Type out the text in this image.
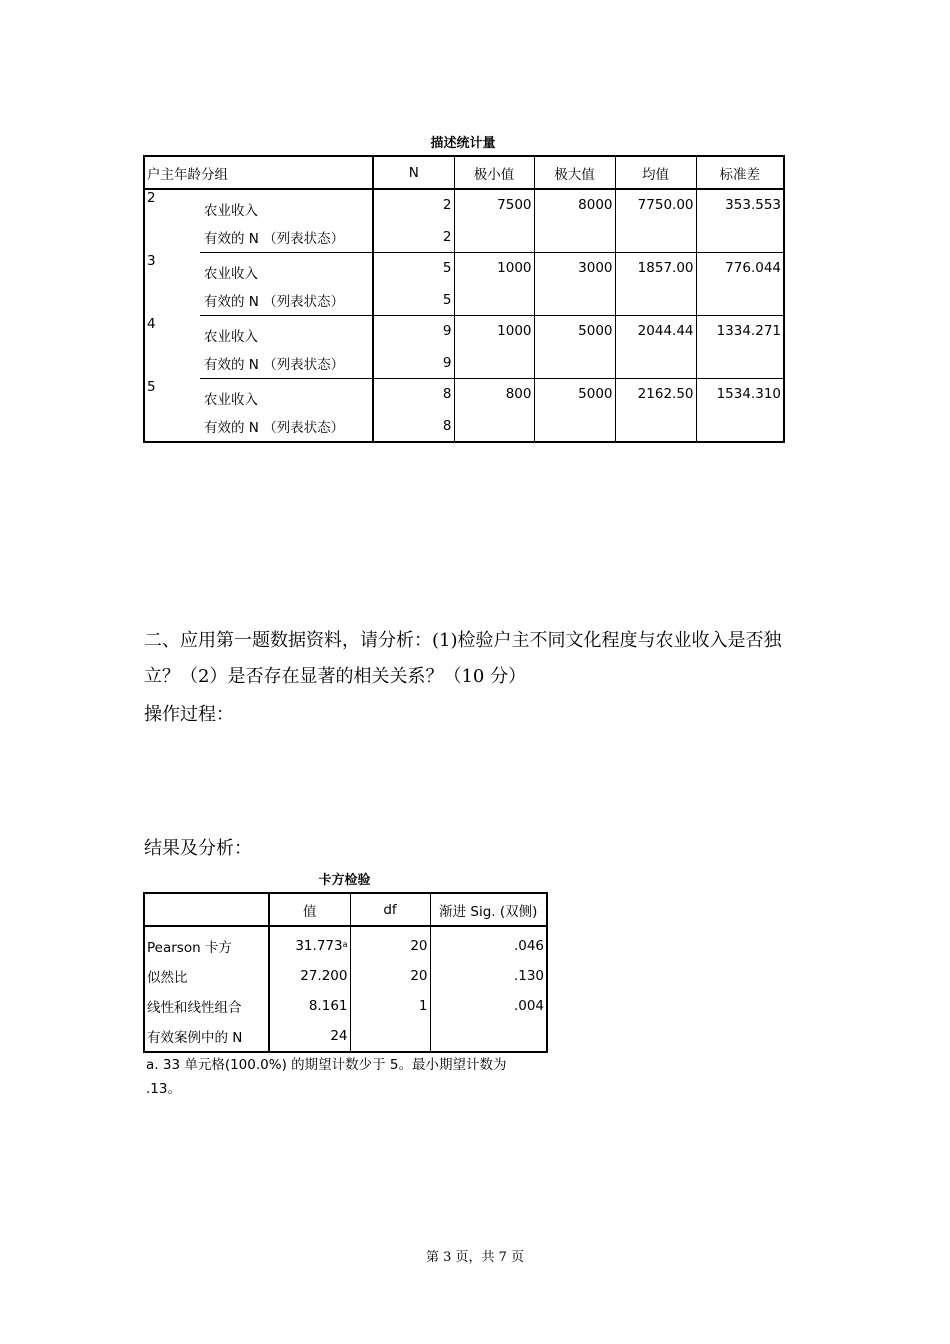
描述统计量
户主年龄分组		N	极小值	极大值	均值	标准差
2	农业收入	2	7500	8000	7750.00	353.553
	有效的 N （列表状态）	2				
3	农业收入	5	1000	3000	1857.00	776.044
	有效的 N （列表状态）	5				
4	农业收入	9	1000	5000	2044.44	1334.271
	有效的 N （列表状态）	9				
5	农业收入	8	800	5000	2162.50	1534.310
	有效的 N （列表状态）	8				
二、应用第一题数据资料，请分析：(1)检验户主不同文化程度与农业收入是否独
立？（2）是否存在显著的相关关系？（10 分）
操作过程：
结果及分析：
卡方检验
	值	df	渐进 Sig. (双侧)
Pearson 卡方	31.773$^a$	20	.046
似然比	27.200	20	.130
线性和线性组合	8.161	1	.004
有效案例中的 N	24		
a. 33 单元格(100.0%) 的期望计数少于 5。最小期望计数为
.13。
第 3 页，共 7 页
